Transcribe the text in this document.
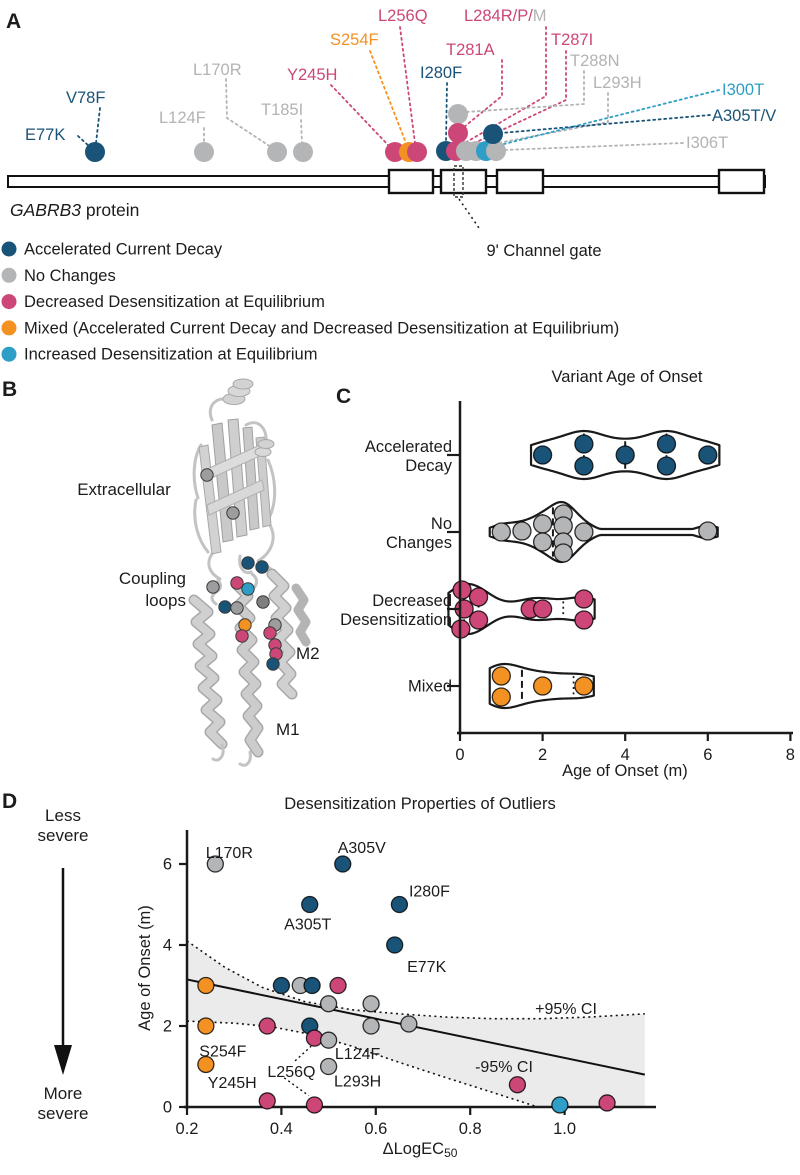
A
B	C
D
9' Channel gate
GABRB3 protein
E77K
V78F
L124F
L170R
T185I
Y245H
S254F
L256Q
I280F
T281A
L284R/P/M
T287I
T288N
L293H	I300T
A305T/V
I306T
Accelerated Current Decay
No Changes
Decreased Desensitization at Equilibrium
Mixed (Accelerated Current Decay and Decreased Desensitization at Equilibrium)
Increased Desensitization at Equilibrium
Extracellular
Coupling
loops
M2
M1
Variant Age of Onset
Age of Onset (m)
Accelerated
Decay
No
Changes
Decreased
Desensitization
Mixed
0	2	4	6	8
Desensitization Properties of Outliers
Age of Onset (m)
ΔLogEC50
Less
severe
More
severe
0.2	0.4	0.6	0.8	1.0
0
2
4
6
L170R	A305V
A305T
I280F
E77K
L256Q
L124F
S254F
L293H
Y245H
+95% CI
-95% CI
